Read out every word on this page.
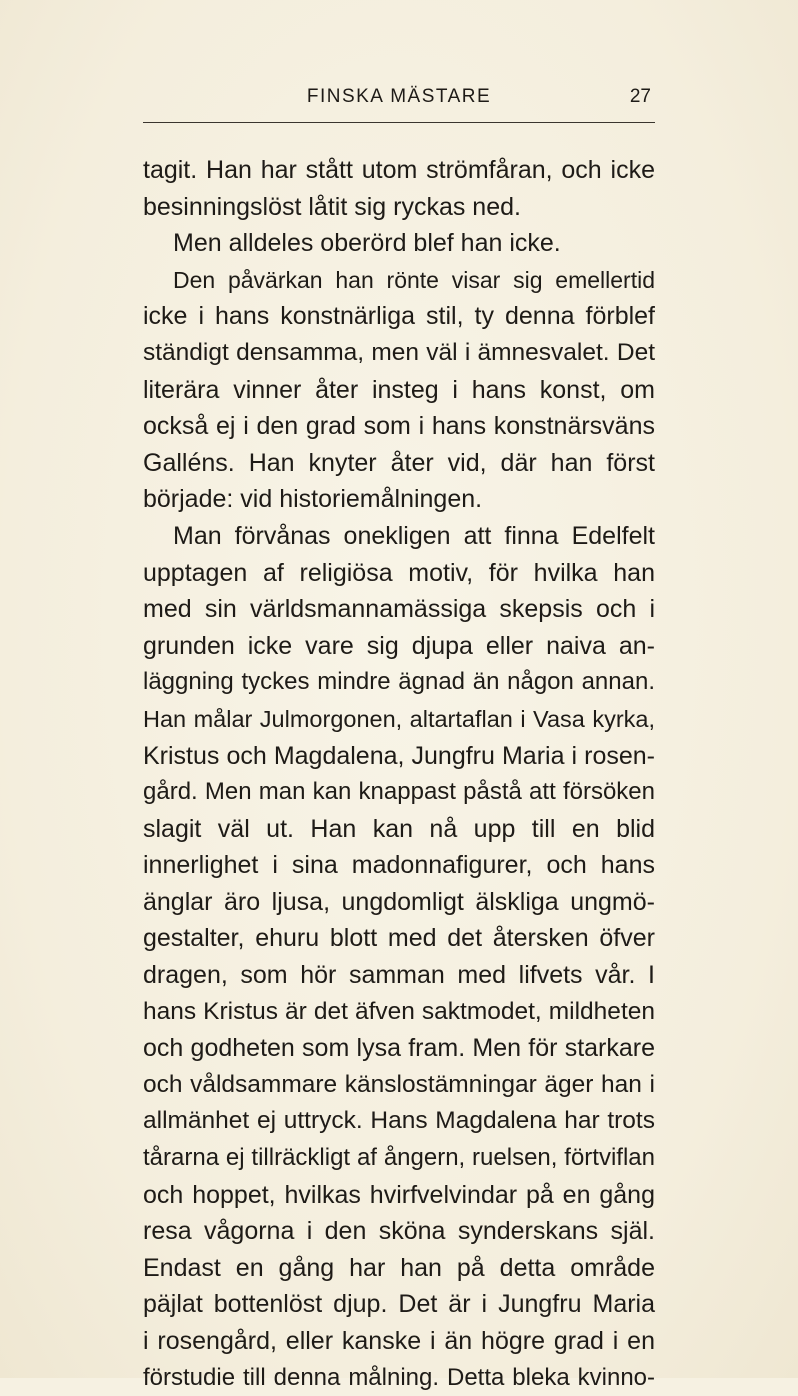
FINSKA MÄSTARE	27
tagit. Han har stått utom strömfåran, och icke
besinningslöst låtit sig ryckas ned.
Men alldeles oberörd blef han icke.
Den påvärkan han rönte visar sig emellertid
icke i hans konstnärliga stil, ty denna förblef
ständigt densamma, men väl i ämnesvalet. Det
literära vinner åter insteg i hans konst, om
också ej i den grad som i hans konstnärsväns
Galléns. Han knyter åter vid, där han först
började: vid historiemålningen.
Man förvånas onekligen att finna Edelfelt
upptagen af religiösa motiv, för hvilka han
med sin världsmannamässiga skepsis och i
grunden icke vare sig djupa eller naiva an-
läggning tyckes mindre ägnad än någon annan.
Han målar Julmorgonen, altartaflan i Vasa kyrka,
Kristus och Magdalena, Jungfru Maria i rosen-
gård. Men man kan knappast påstå att försöken
slagit väl ut. Han kan nå upp till en blid
innerlighet i sina madonnafigurer, och hans
änglar äro ljusa, ungdomligt älskliga ungmö-
gestalter, ehuru blott med det återsken öfver
dragen, som hör samman med lifvets vår. I
hans Kristus är det äfven saktmodet, mildheten
och godheten som lysa fram. Men för starkare
och våldsammare känslostämningar äger han i
allmänhet ej uttryck. Hans Magdalena har trots
tårarna ej tillräckligt af ångern, ruelsen, förtviflan
och hoppet, hvilkas hvirfvelvindar på en gång
resa vågorna i den sköna synderskans själ.
Endast en gång har han på detta område
päjlat bottenlöst djup. Det är i Jungfru Maria
i rosengård, eller kanske i än högre grad i en
förstudie till denna målning. Detta bleka kvinno-
